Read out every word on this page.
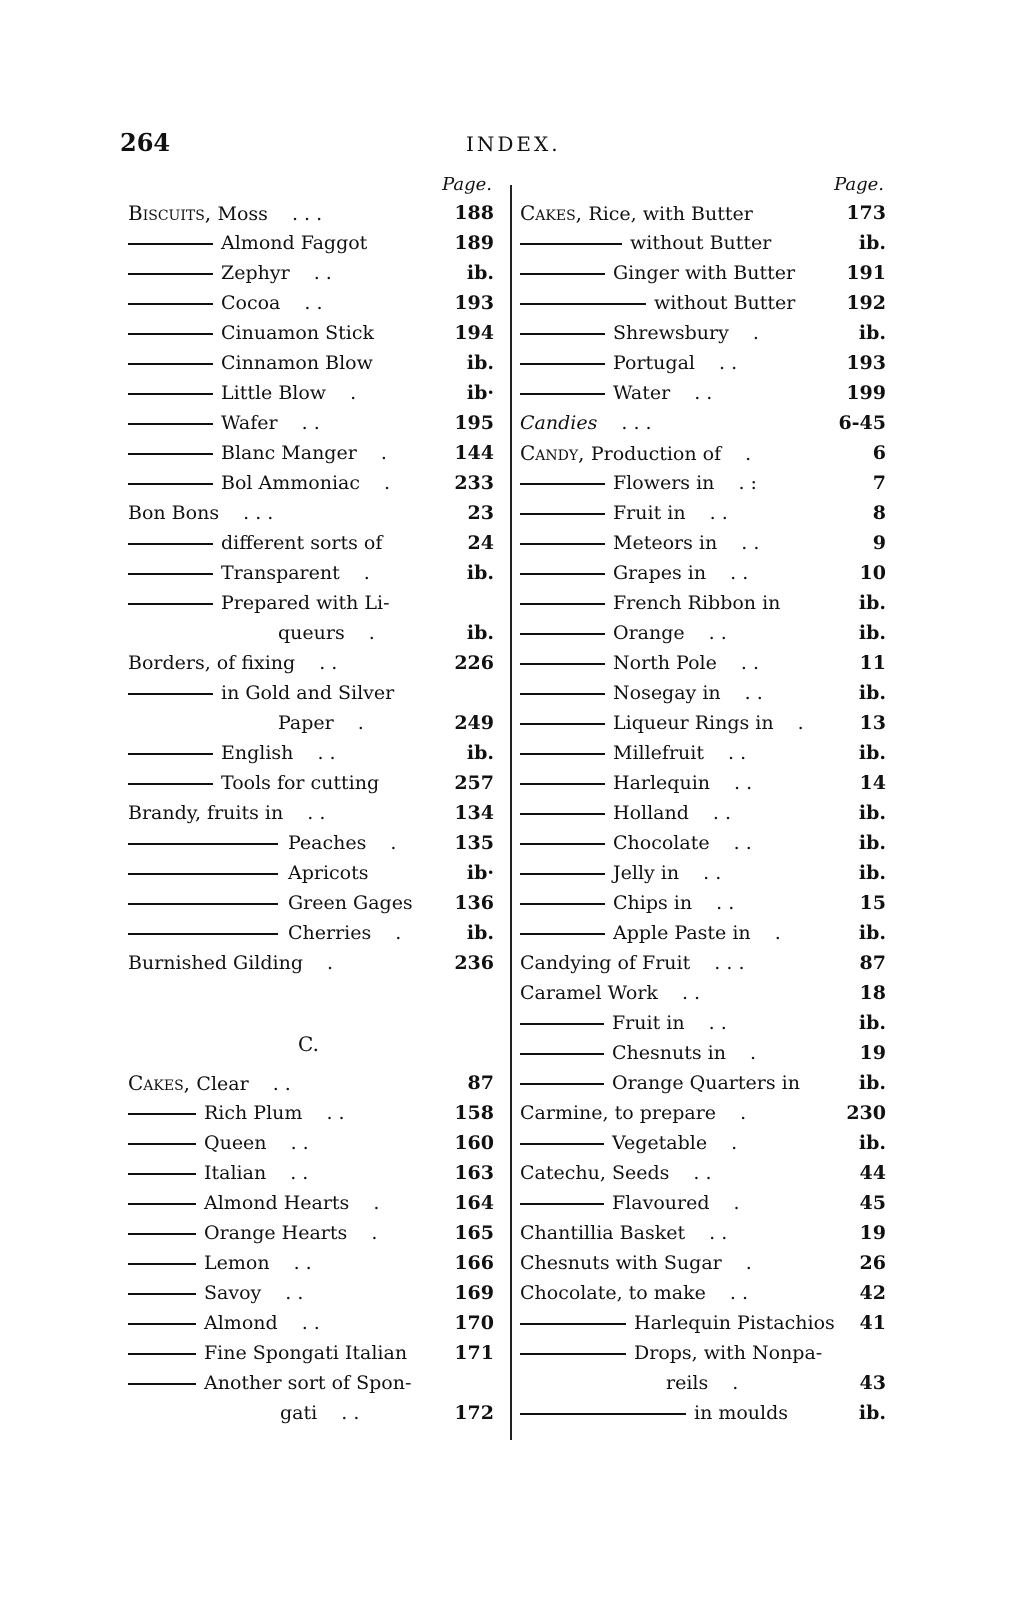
264	INDEX.
Page.
Biscuits, Moss . . .	188
Almond Faggot	189
Zephyr . .	ib.
Cocoa . .	193
Cinuamon Stick	194
Cinnamon Blow	ib.
Little Blow .	ib·
Wafer . .	195
Blanc Manger .	144
Bol Ammoniac .	233
Bon Bons . . .	23
different sorts of	24
Transparent .	ib.
Prepared with Li-
queurs .	ib.
Borders, of fixing . .	226
in Gold and Silver
Paper .	249
English . .	ib.
Tools for cutting	257
Brandy, fruits in . .	134
Peaches .	135
Apricots	ib·
Green Gages	136
Cherries .	ib.
Burnished Gilding .	236
C.
Cakes, Clear . .	87
Rich Plum . .	158
Queen . .	160
Italian . .	163
Almond Hearts .	164
Orange Hearts .	165
Lemon . .	166
Savoy . .	169
Almond . .	170
Fine Spongati Italian	171
Another sort of Spon-
gati . .	172
Page.
Cakes, Rice, with Butter	173
without Butter	ib.
Ginger with Butter	191
without Butter	192
Shrewsbury .	ib.
Portugal . .	193
Water . .	199
Candies . . .	6-45
Candy, Production of .	6
Flowers in . :	7
Fruit in . .	8
Meteors in . .	9
Grapes in . .	10
French Ribbon in	ib.
Orange . .	ib.
North Pole . .	11
Nosegay in . .	ib.
Liqueur Rings in .	13
Millefruit . .	ib.
Harlequin . .	14
Holland . .	ib.
Chocolate . .	ib.
Jelly in . .	ib.
Chips in . .	15
Apple Paste in .	ib.
Candying of Fruit . . .	87
Caramel Work . .	18
Fruit in . .	ib.
Chesnuts in .	19
Orange Quarters in	ib.
Carmine, to prepare .	230
Vegetable .	ib.
Catechu, Seeds . .	44
Flavoured .	45
Chantillia Basket . .	19
Chesnuts with Sugar .	26
Chocolate, to make . .	42
Harlequin Pistachios	41
Drops, with Nonpa-
reils .	43
in moulds	ib.
